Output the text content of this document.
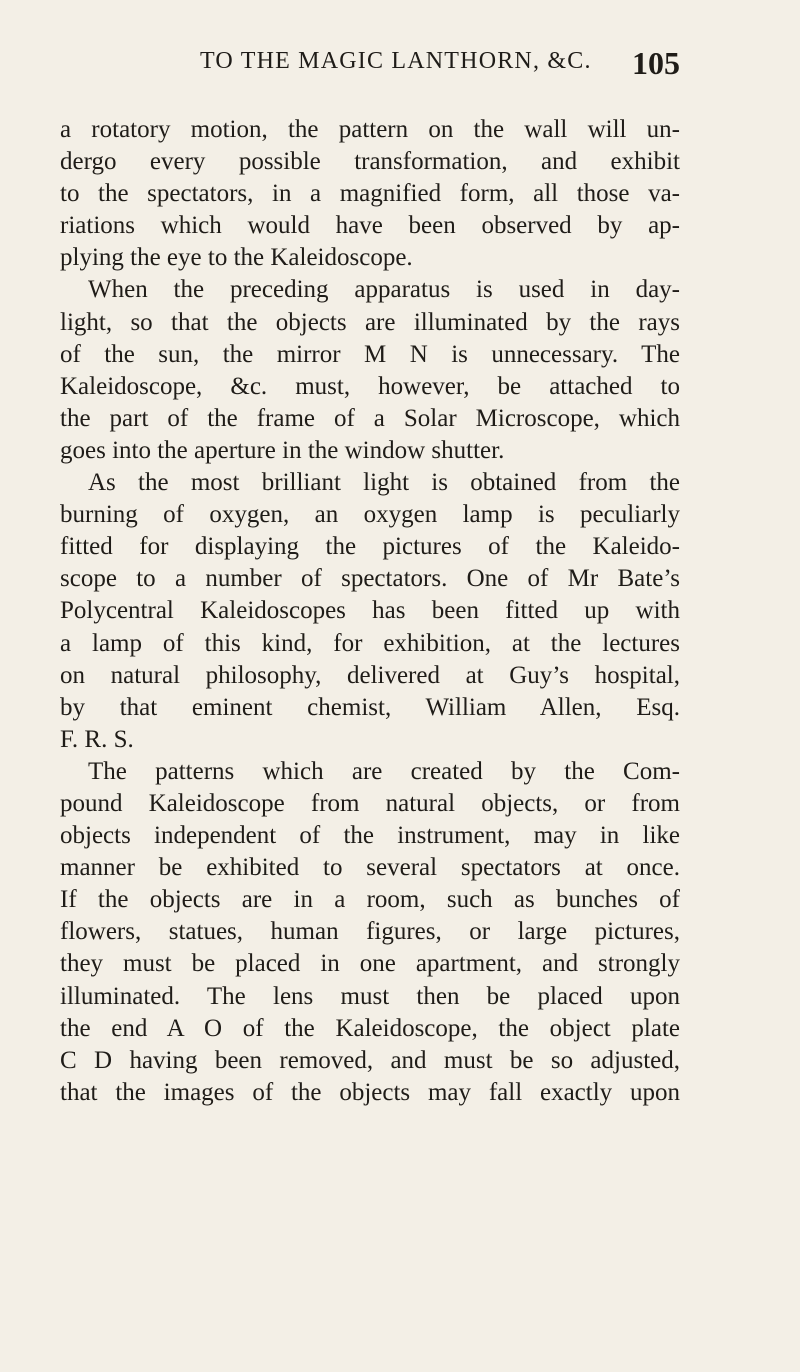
TO THE MAGIC LANTHORN, &C. 105
a rotatory motion, the pattern on the wall will un-
dergo every possible transformation, and exhibit
to the spectators, in a magnified form, all those va-
riations which would have been observed by ap-
plying the eye to the Kaleidoscope.
When the preceding apparatus is used in day-
light, so that the objects are illuminated by the rays
of the sun, the mirror M N is unnecessary. The
Kaleidoscope, &c. must, however, be attached to
the part of the frame of a Solar Microscope, which
goes into the aperture in the window shutter.
As the most brilliant light is obtained from the
burning of oxygen, an oxygen lamp is peculiarly
fitted for displaying the pictures of the Kaleido-
scope to a number of spectators. One of Mr Bate’s
Polycentral Kaleidoscopes has been fitted up with
a lamp of this kind, for exhibition, at the lectures
on natural philosophy, delivered at Guy’s hospital,
by that eminent chemist, William Allen, Esq.
F. R. S.
The patterns which are created by the Com-
pound Kaleidoscope from natural objects, or from
objects independent of the instrument, may in like
manner be exhibited to several spectators at once.
If the objects are in a room, such as bunches of
flowers, statues, human figures, or large pictures,
they must be placed in one apartment, and strongly
illuminated. The lens must then be placed upon
the end A O of the Kaleidoscope, the object plate
C D having been removed, and must be so adjusted,
that the images of the objects may fall exactly upon
